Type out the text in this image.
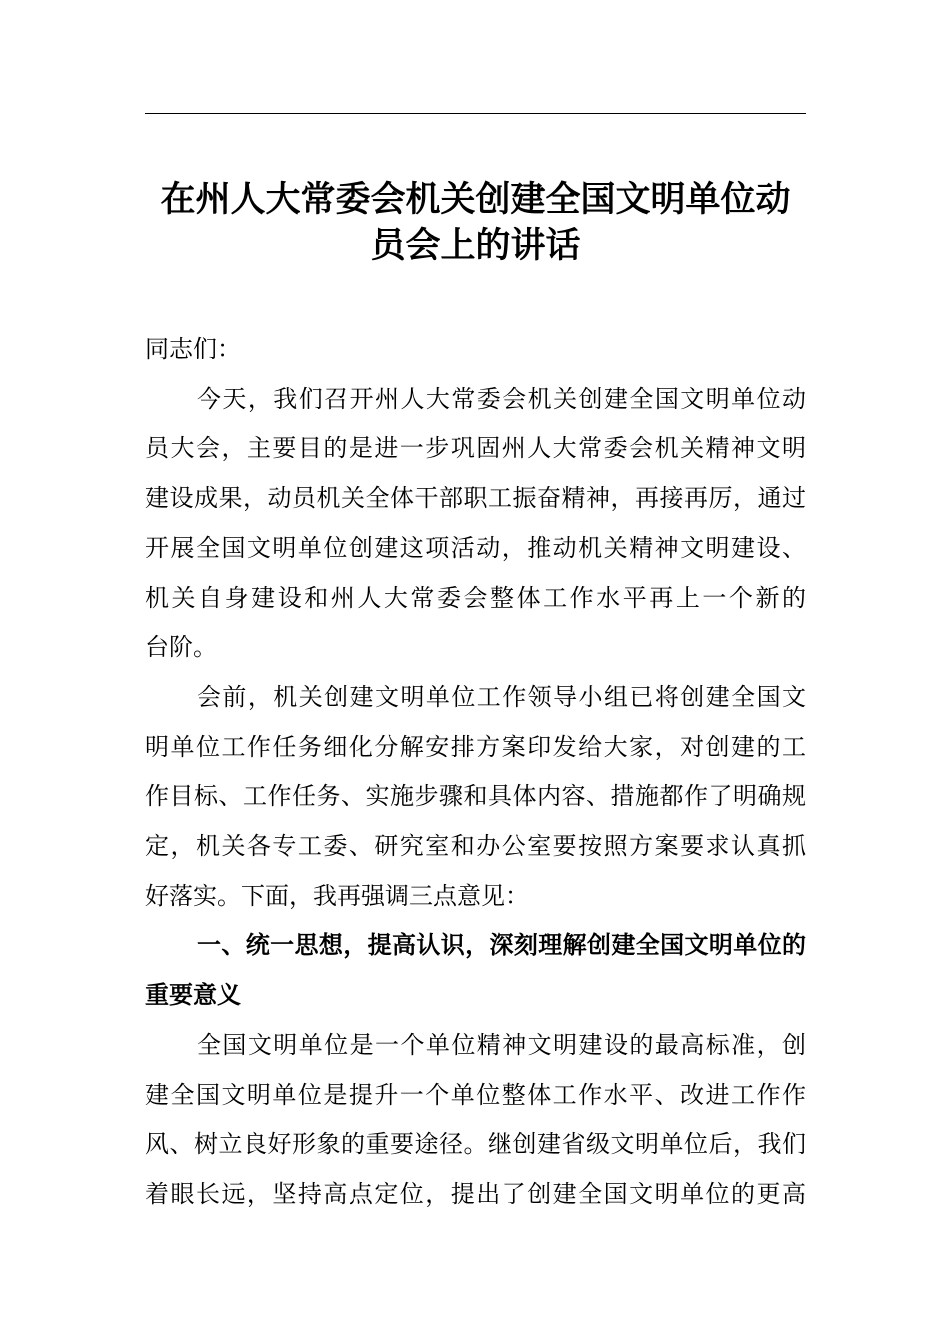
在州人大常委会机关创建全国文明单位动
员会上的讲话
同志们：
今天，我们召开州人大常委会机关创建全国文明单位动
员大会，主要目的是进一步巩固州人大常委会机关精神文明
建设成果，动员机关全体干部职工振奋精神，再接再厉，通过
开展全国文明单位创建这项活动，推动机关精神文明建设、
机关自身建设和州人大常委会整体工作水平再上一个新的
台阶。
会前，机关创建文明单位工作领导小组已将创建全国文
明单位工作任务细化分解安排方案印发给大家，对创建的工
作目标、工作任务、实施步骤和具体内容、措施都作了明确规
定，机关各专工委、研究室和办公室要按照方案要求认真抓
好落实。下面，我再强调三点意见：
一、统一思想，提高认识，深刻理解创建全国文明单位的
重要意义
全国文明单位是一个单位精神文明建设的最高标准，创
建全国文明单位是提升一个单位整体工作水平、改进工作作
风、树立良好形象的重要途径。继创建省级文明单位后，我们
着眼长远，坚持高点定位，提出了创建全国文明单位的更高
